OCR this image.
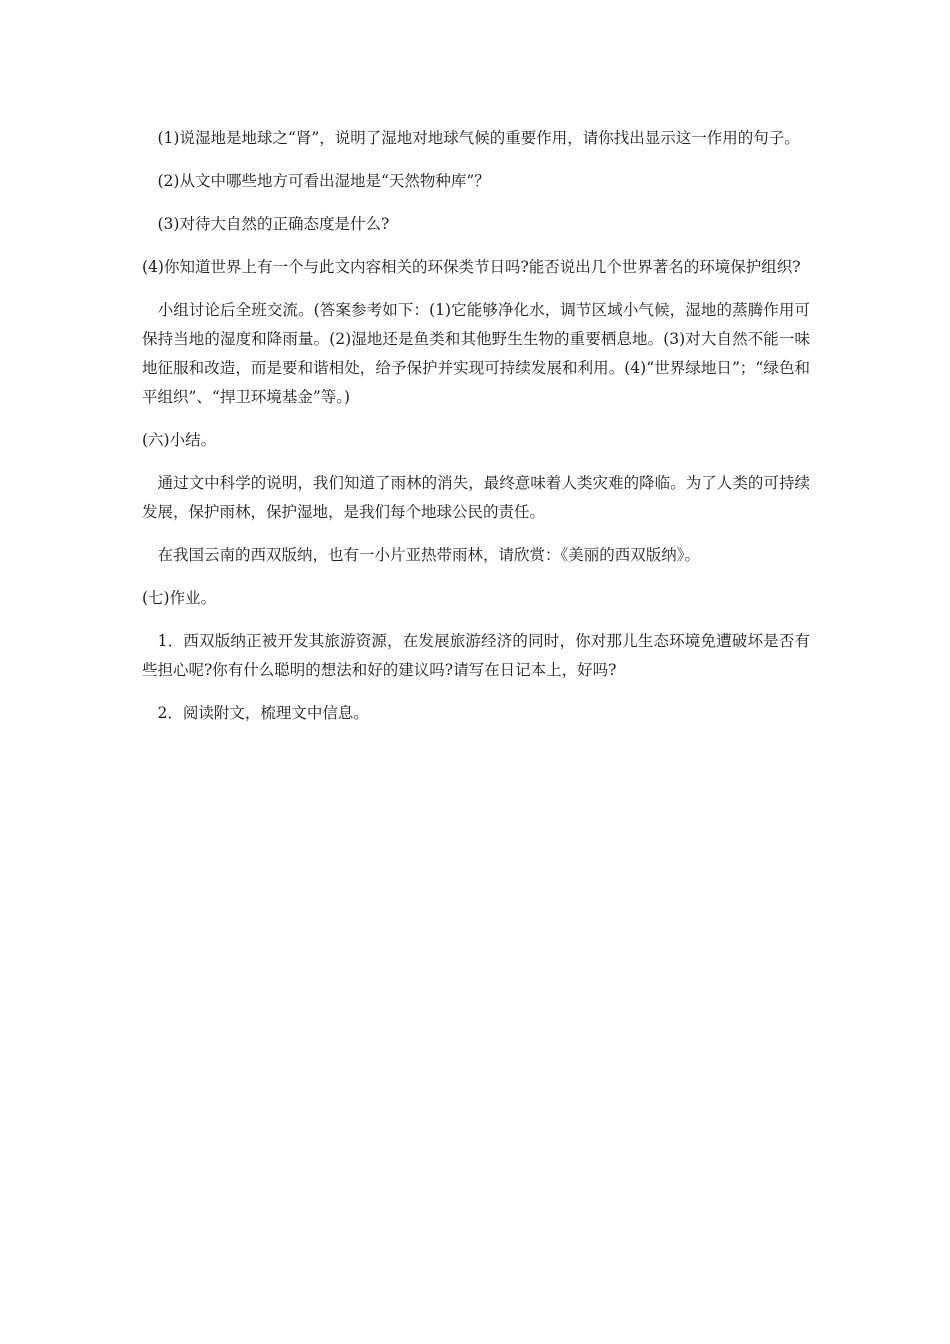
　(1)说湿地是地球之“肾”，说明了湿地对地球气候的重要作用，请你找出显示这一作用的句子。

　(2)从文中哪些地方可看出湿地是“天然物种库”？

　(3)对待大自然的正确态度是什么?

(4)你知道世界上有一个与此文内容相关的环保类节日吗?能否说出几个世界著名的环境保护组织?

　小组讨论后全班交流。(答案参考如下：(1)它能够净化水，调节区域小气候，湿地的蒸腾作用可保持当地的湿度和降雨量。(2)湿地还是鱼类和其他野生生物的重要栖息地。(3)对大自然不能一味地征服和改造，而是要和谐相处，给予保护并实现可持续发展和利用。(4)“世界绿地日”；“绿色和平组织”、“捍卫环境基金”等。)

(六)小结。

　通过文中科学的说明，我们知道了雨林的消失，最终意味着人类灾难的降临。为了人类的可持续发展，保护雨林，保护湿地，是我们每个地球公民的责任。

　在我国云南的西双版纳，也有一小片亚热带雨林，请欣赏：《美丽的西双版纳》。

(七)作业。

　1．西双版纳正被开发其旅游资源，在发展旅游经济的同时，你对那儿生态环境免遭破坏是否有些担心呢?你有什么聪明的想法和好的建议吗?请写在日记本上，好吗?

　2．阅读附文，梳理文中信息。
